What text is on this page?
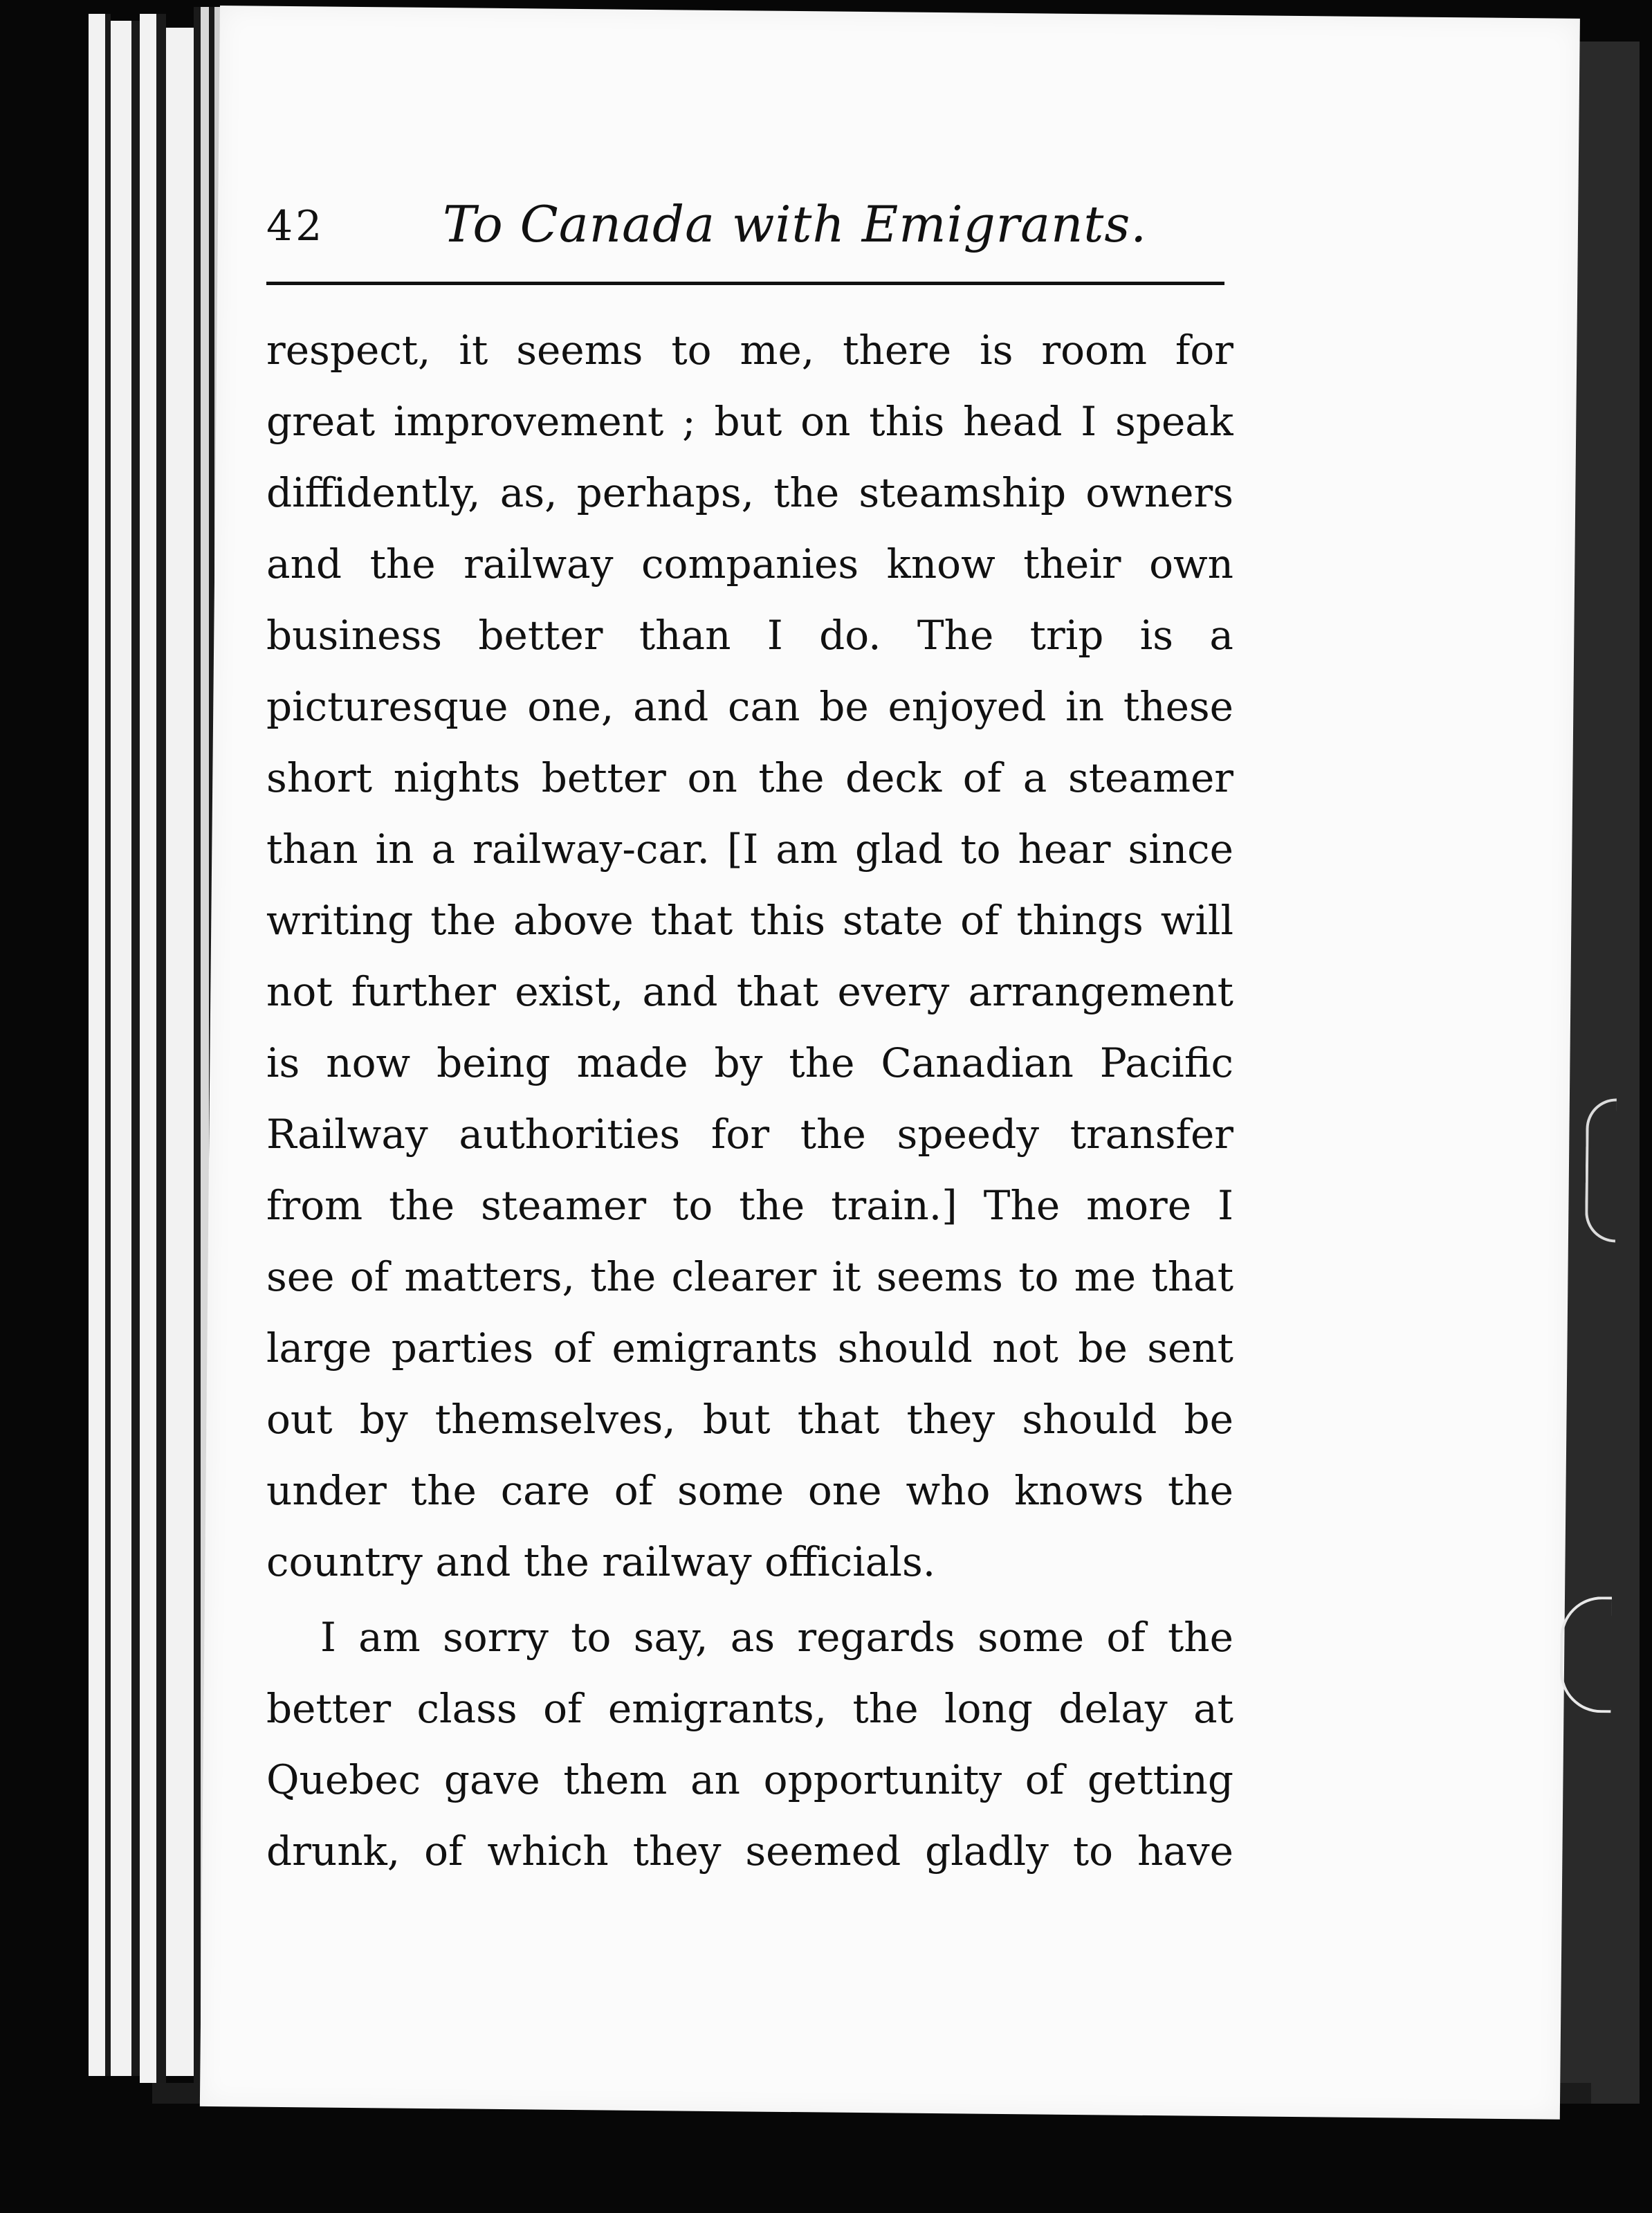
42 To Canada with Emigrants.
respect, it seems to me, there is room for
great improvement ; but on this head I speak
diffidently, as, perhaps, the steamship owners
and the railway companies know their own
business better than I do. The trip is a
picturesque one, and can be enjoyed in these
short nights better on the deck of a steamer
than in a railway-car. [I am glad to hear since
writing the above that this state of things will
not further exist, and that every arrangement
is now being made by the Canadian Pacific
Railway authorities for the speedy transfer
from the steamer to the train.] The more I
see of matters, the clearer it seems to me that
large parties of emigrants should not be sent
out by themselves, but that they should be
under the care of some one who knows the
country and the railway officials.
I am sorry to say, as regards some of the
better class of emigrants, the long delay at
Quebec gave them an opportunity of getting
drunk, of which they seemed gladly to have
